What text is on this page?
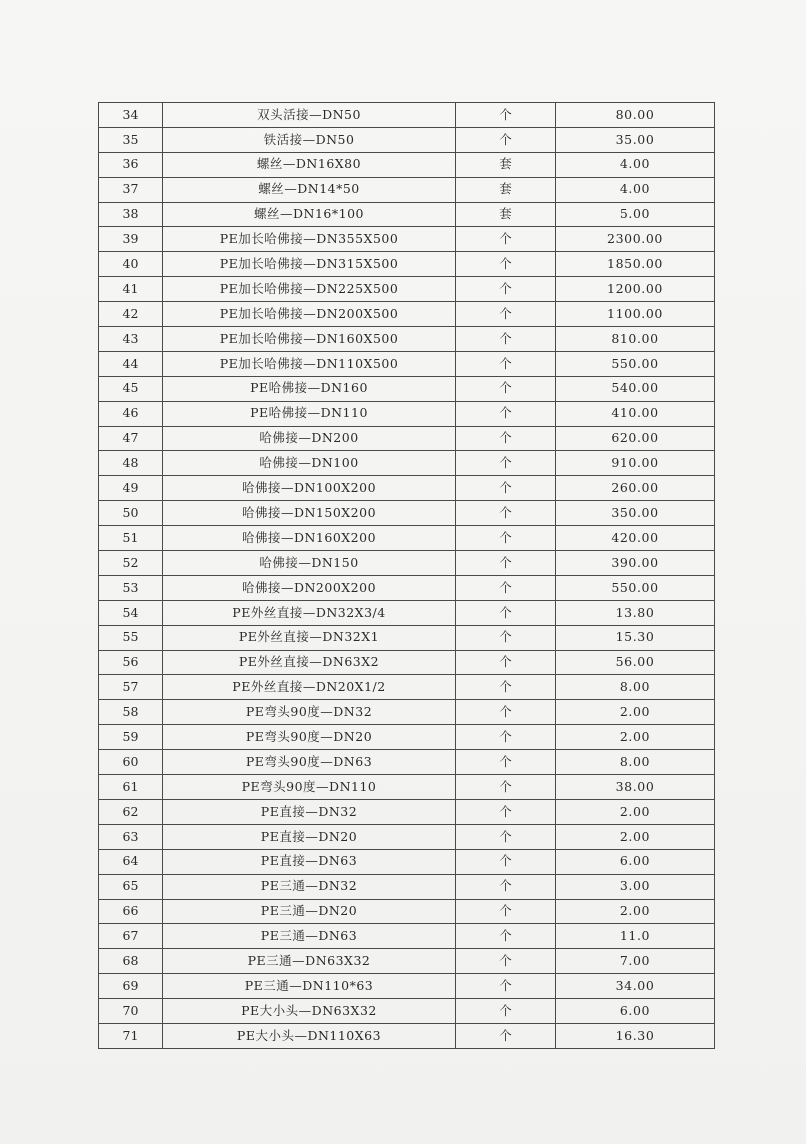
34	双头活接—DN50	个	80.00
35	铁活接—DN50	个	35.00
36	螺丝—DN16X80	套	4.00
37	螺丝—DN14*50	套	4.00
38	螺丝—DN16*100	套	5.00
39	PE加长哈佛接—DN355X500	个	2300.00
40	PE加长哈佛接—DN315X500	个	1850.00
41	PE加长哈佛接—DN225X500	个	1200.00
42	PE加长哈佛接—DN200X500	个	1100.00
43	PE加长哈佛接—DN160X500	个	810.00
44	PE加长哈佛接—DN110X500	个	550.00
45	PE哈佛接—DN160	个	540.00
46	PE哈佛接—DN110	个	410.00
47	哈佛接—DN200	个	620.00
48	哈佛接—DN100	个	910.00
49	哈佛接—DN100X200	个	260.00
50	哈佛接—DN150X200	个	350.00
51	哈佛接—DN160X200	个	420.00
52	哈佛接—DN150	个	390.00
53	哈佛接—DN200X200	个	550.00
54	PE外丝直接—DN32X3/4	个	13.80
55	PE外丝直接—DN32X1	个	15.30
56	PE外丝直接—DN63X2	个	56.00
57	PE外丝直接—DN20X1/2	个	8.00
58	PE弯头90度—DN32	个	2.00
59	PE弯头90度—DN20	个	2.00
60	PE弯头90度—DN63	个	8.00
61	PE弯头90度—DN110	个	38.00
62	PE直接—DN32	个	2.00
63	PE直接—DN20	个	2.00
64	PE直接—DN63	个	6.00
65	PE三通—DN32	个	3.00
66	PE三通—DN20	个	2.00
67	PE三通—DN63	个	11.0
68	PE三通—DN63X32	个	7.00
69	PE三通—DN110*63	个	34.00
70	PE大小头—DN63X32	个	6.00
71	PE大小头—DN110X63	个	16.30
